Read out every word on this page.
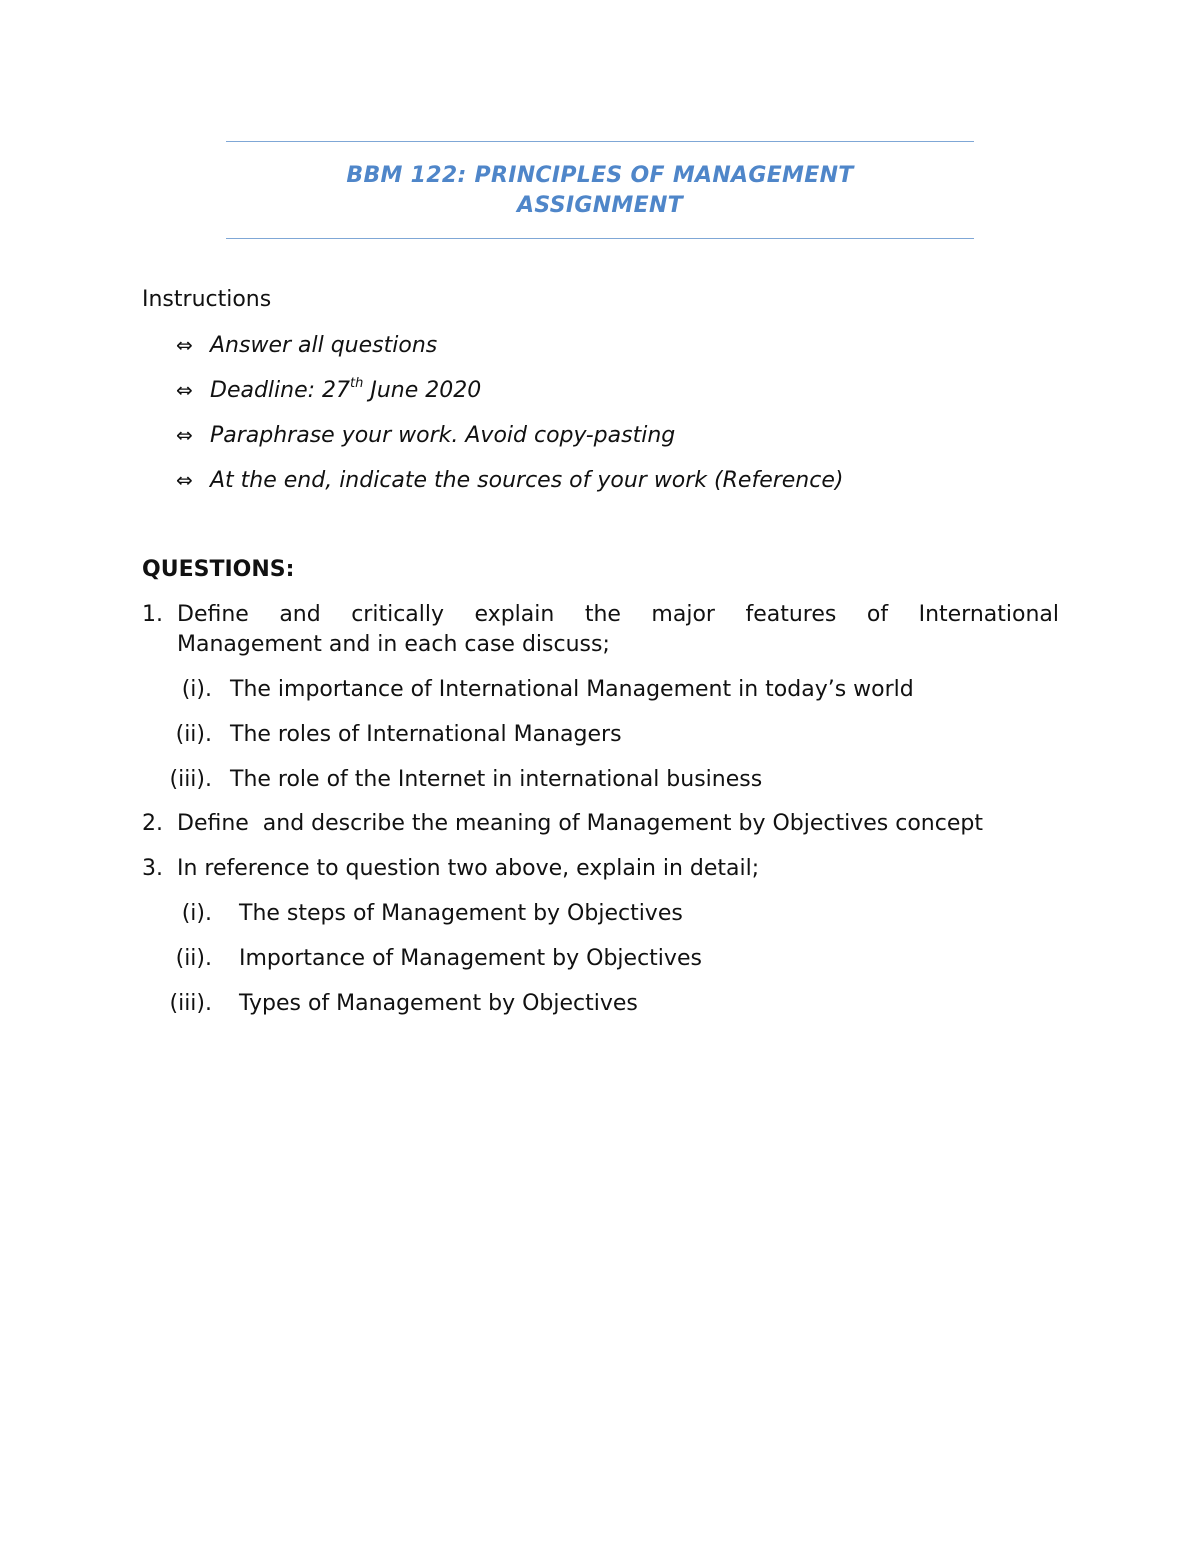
BBM 122: PRINCIPLES OF MANAGEMENT
ASSIGNMENT
Instructions
⇔ Answer all questions
⇔ Deadline: 27th June 2020
⇔ Paraphrase your work. Avoid copy-pasting
⇔ At the end, indicate the sources of your work (Reference)
QUESTIONS:
1. Define and critically explain the major features of International
Management and in each case discuss;
(i). The importance of International Management in today’s world
(ii). The roles of International Managers
(iii). The role of the Internet in international business
2. Define  and describe the meaning of Management by Objectives concept
3. In reference to question two above, explain in detail;
(i). The steps of Management by Objectives
(ii). Importance of Management by Objectives
(iii). Types of Management by Objectives
